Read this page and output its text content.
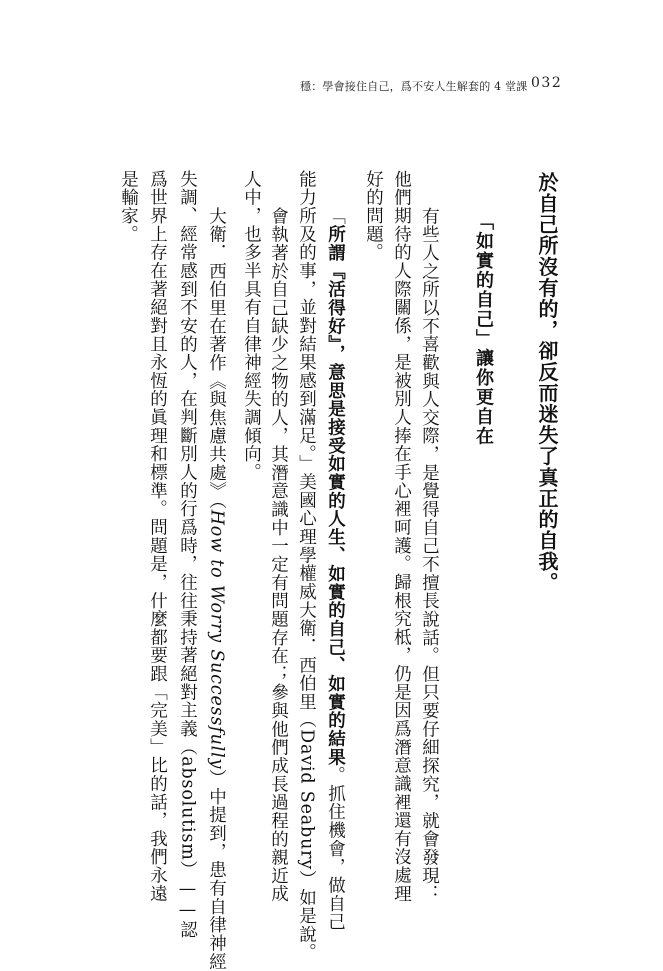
穩：學會接住自己，爲不安人生解套的 4 堂課 032
於自己所沒有的，卻反而迷失了真正的自我。
「如實的自己」讓你更自在
有些人之所以不喜歡與人交際，是覺得自己不擅長說話。但只要仔細探究，就會發現：
他們期待的人際關係，是被別人捧在手心裡呵護。歸根究柢，仍是因爲潛意識裡還有沒處理
好的問題。
「所謂『活得好』，意思是接受如實的人生、如實的自己、如實的結果。抓住機會，做自己
能力所及的事，並對結果感到滿足。」美國心理學權威大衛．西伯里（David Seabury）如是說。
會執著於自己缺少之物的人，其潛意識中一定有問題存在；參與他們成長過程的親近成
人中，也多半具有自律神經失調傾向。
大衛．西伯里在著作《與焦慮共處》（How to Worry Successfully）中提到，患有自律神經
失調、經常感到不安的人，在判斷別人的行爲時，往往秉持著絕對主義（absolutism）——認
爲世界上存在著絕對且永恆的眞理和標準。問題是，什麼都要跟「完美」比的話，我們永遠
是輸家。
